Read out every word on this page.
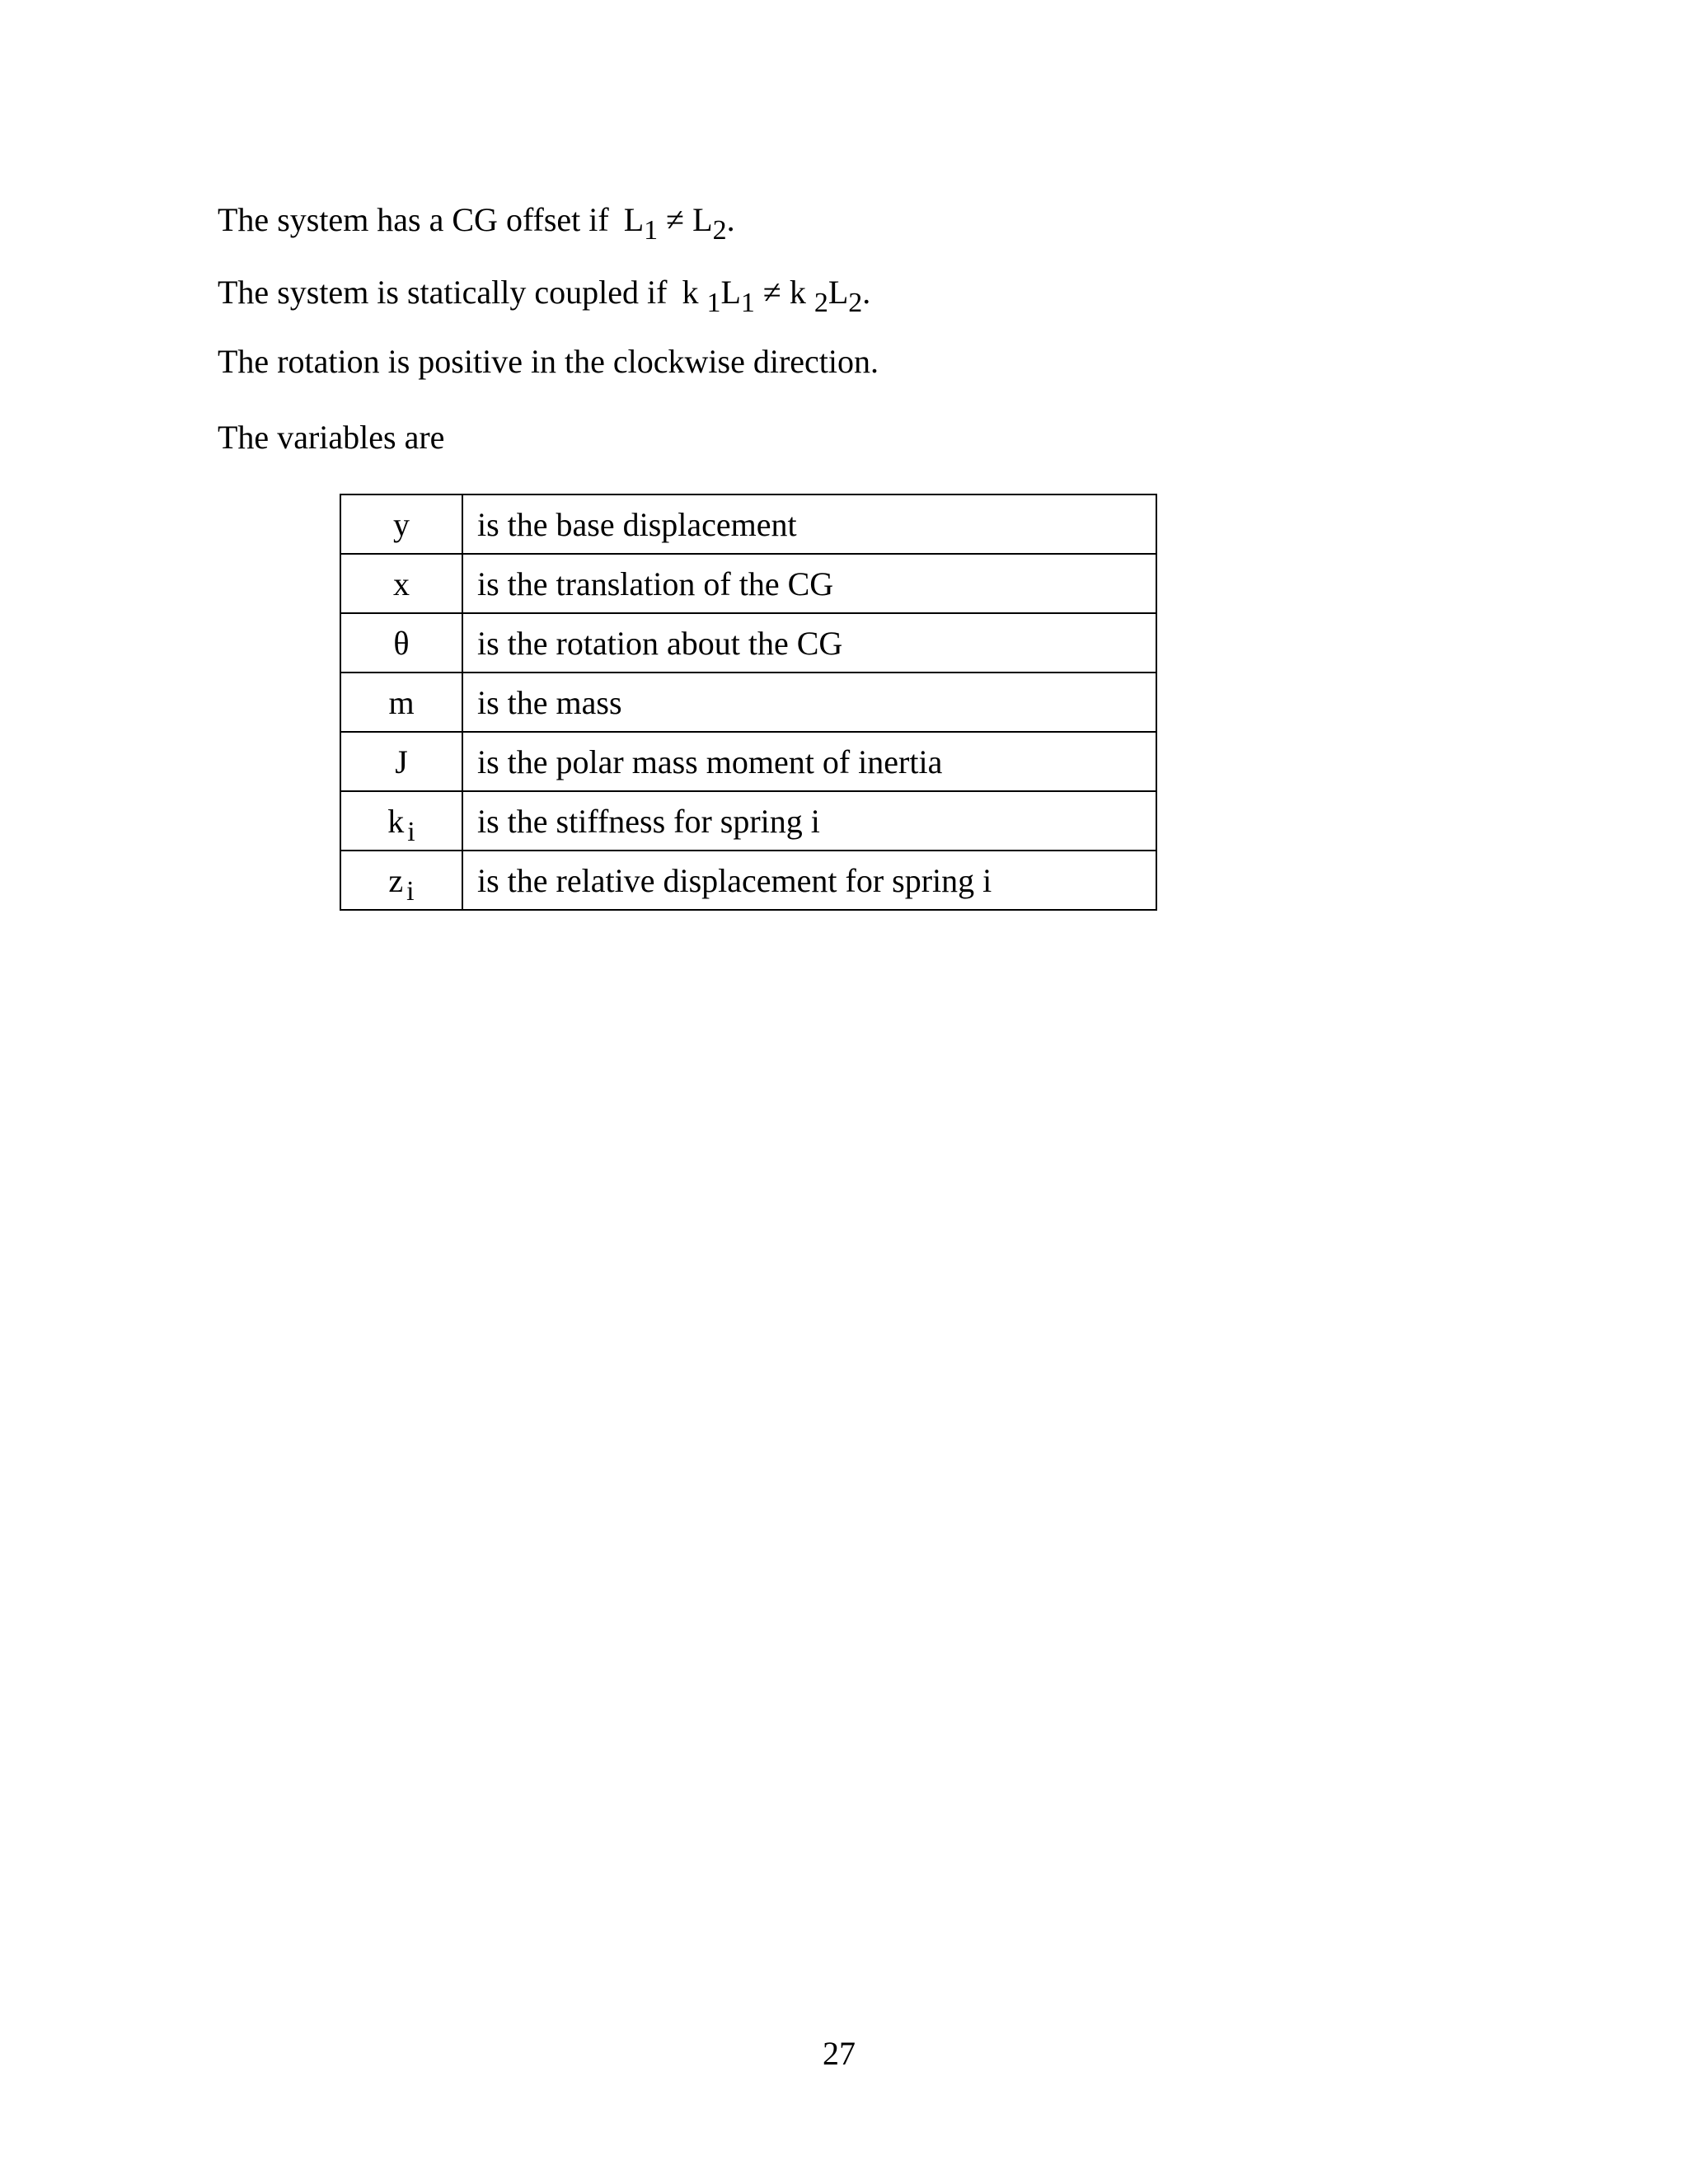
The system has a CG offset if $L_1 \ne L_2$.
The system is statically coupled if k $_1L_1 \ne k$ $_2L_2$.
The rotation is positive in the clockwise direction.
The variables are
y	is the base displacement
x	is the translation of the CG
θ	is the rotation about the CG
m	is the mass
J	is the polar mass moment of inertia
k $_i$	is the stiffness for spring i
z $_i$	is the relative displacement for spring i
27
